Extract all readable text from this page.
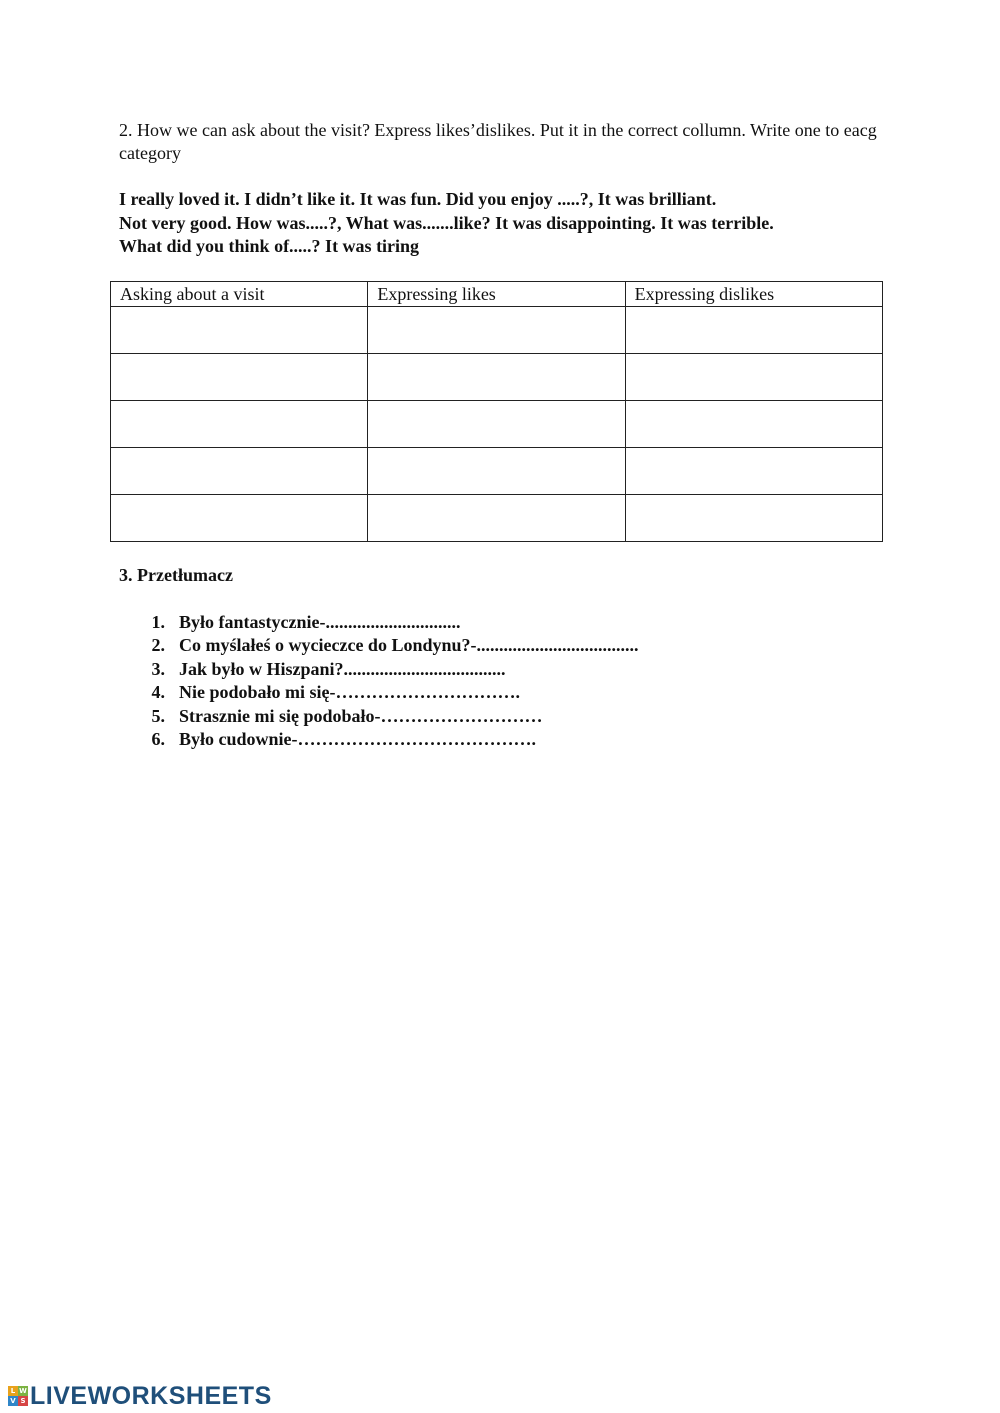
2. How we can ask about the visit? Express likes’dislikes. Put it in the correct collumn. Write one to eacg category
I really loved it. I didn’t like it. It was fun. Did you enjoy .....?, It was brilliant.
Not very good. How was.....?, What was.......like? It was disappointing. It was terrible.
What did you think of.....? It was tiring
Asking about a visit	Expressing likes	Expressing dislikes

3. Przetłumacz
1. Było fantastycznie-..............................
2. Co myślałeś o wycieczce do Londynu?-....................................
3. Jak było w Hiszpani?....................................
4. Nie podobało mi się-………………………….
5. Strasznie mi się podobało-………………………
6. Było cudownie-………………………………….
L W
V S LIVEWORKSHEETS
